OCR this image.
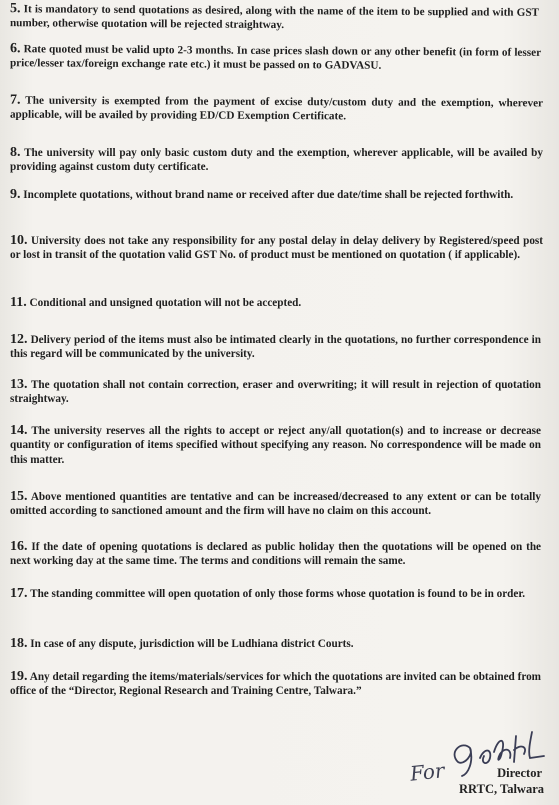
5. It is mandatory to send quotations as desired, along with the name of the item to be supplied and with GST number, otherwise quotation will be rejected straightway.

6. Rate quoted must be valid upto 2-3 months. In case prices slash down or any other benefit (in form of lesser price/lesser tax/foreign exchange rate etc.) it must be passed on to GADVASU.

7. The university is exempted from the payment of excise duty/custom duty and the exemption, wherever applicable, will be availed by providing ED/CD Exemption Certificate.

8. The university will pay only basic custom duty and the exemption, wherever applicable, will be availed by providing against custom duty certificate.

9. Incomplete quotations, without brand name or received after due date/time shall be rejected forthwith.

10. University does not take any responsibility for any postal delay in delay delivery by Registered/speed post or lost in transit of the quotation valid GST No. of product must be mentioned on quotation ( if applicable).

11. Conditional and unsigned quotation will not be accepted.

12. Delivery period of the items must also be intimated clearly in the quotations, no further correspondence in this regard will be communicated by the university.

13. The quotation shall not contain correction, eraser and overwriting; it will result in rejection of quotation straightway.

14. The university reserves all the rights to accept or reject any/all quotation(s) and to increase or decrease quantity or configuration of items specified without specifying any reason. No correspondence will be made on this matter.

15. Above mentioned quantities are tentative and can be increased/decreased to any extent or can be totally omitted according to sanctioned amount and the firm will have no claim on this account.

16. If the date of opening quotations is declared as public holiday then the quotations will be opened on the next working day at the same time. The terms and conditions will remain the same.

17. The standing committee will open quotation of only those forms whose quotation is found to be in order.

18. In case of any dispute, jurisdiction will be Ludhiana district Courts.

19. Any detail regarding the items/materials/services for which the quotations are invited can be obtained from office of the “Director, Regional Research and Training Centre, Talwara.”

For	Director
RRTC, Talwara
